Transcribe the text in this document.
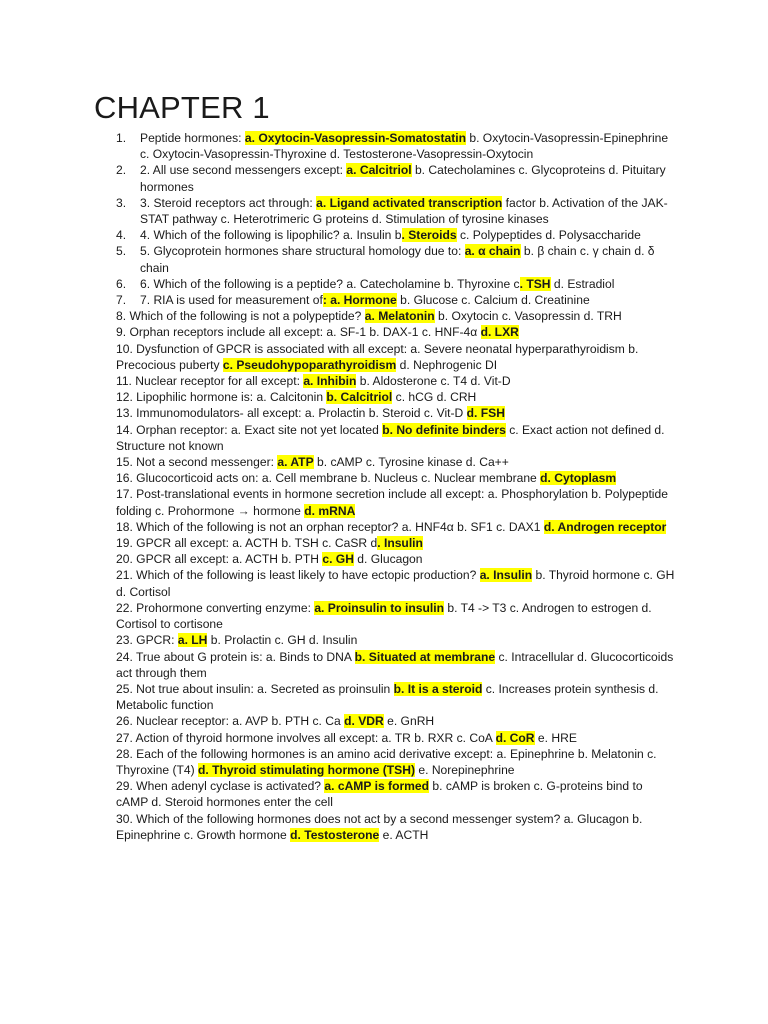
CHAPTER 1

1.	Peptide hormones: a. Oxytocin-Vasopressin-Somatostatin b. Oxytocin-Vasopressin-Epinephrine c. Oxytocin-Vasopressin-Thyroxine d. Testosterone-Vasopressin-Oxytocin

2.	2. All use second messengers except: a. Calcitriol b. Catecholamines c. Glycoproteins d. Pituitary hormones

3.	3. Steroid receptors act through: a. Ligand activated transcription factor b. Activation of the JAK-STAT pathway c. Heterotrimeric G proteins d. Stimulation of tyrosine kinases

4.	4. Which of the following is lipophilic? a. Insulin b. Steroids c. Polypeptides d. Polysaccharide

5.	5. Glycoprotein hormones share structural homology due to: a. α chain b. β chain c. γ chain d. δ chain

6.	6. Which of the following is a peptide? a. Catecholamine b. Thyroxine c. TSH d. Estradiol

7.	7. RIA is used for measurement of: a. Hormone b. Glucose c. Calcium d. Creatinine

8. Which of the following is not a polypeptide? a. Melatonin b. Oxytocin c. Vasopressin d. TRH

9. Orphan receptors include all except: a. SF-1 b. DAX-1 c. HNF-4α d. LXR

10. Dysfunction of GPCR is associated with all except: a. Severe neonatal hyperparathyroidism b. Precocious puberty c. Pseudohypoparathyroidism d. Nephrogenic DI

11. Nuclear receptor for all except: a. Inhibin b. Aldosterone c. T4 d. Vit-D

12. Lipophilic hormone is: a. Calcitonin b. Calcitriol c. hCG d. CRH

13. Immunomodulators- all except: a. Prolactin b. Steroid c. Vit-D d. FSH

14. Orphan receptor: a. Exact site not yet located b. No definite binders c. Exact action not defined d. Structure not known

15. Not a second messenger: a. ATP b. cAMP c. Tyrosine kinase d. Ca++

16. Glucocorticoid acts on: a. Cell membrane b. Nucleus c. Nuclear membrane d. Cytoplasm

17. Post-translational events in hormone secretion include all except: a. Phosphorylation b. Polypeptide folding c. Prohormone → hormone d. mRNA

18. Which of the following is not an orphan receptor? a. HNF4α b. SF1 c. DAX1 d. Androgen receptor

19. GPCR all except: a. ACTH b. TSH c. CaSR d. Insulin

20. GPCR all except: a. ACTH b. PTH c. GH d. Glucagon

21. Which of the following is least likely to have ectopic production? a. Insulin b. Thyroid hormone c. GH d. Cortisol

22. Prohormone converting enzyme: a. Proinsulin to insulin b. T4 -> T3 c. Androgen to estrogen d. Cortisol to cortisone

23. GPCR: a. LH b. Prolactin c. GH d. Insulin

24. True about G protein is: a. Binds to DNA b. Situated at membrane c. Intracellular d. Glucocorticoids act through them

25. Not true about insulin: a. Secreted as proinsulin b. It is a steroid c. Increases protein synthesis d. Metabolic function

26. Nuclear receptor: a. AVP b. PTH c. Ca d. VDR e. GnRH

27. Action of thyroid hormone involves all except: a. TR b. RXR c. CoA d. CoR e. HRE

28. Each of the following hormones is an amino acid derivative except: a. Epinephrine b. Melatonin c. Thyroxine (T4) d. Thyroid stimulating hormone (TSH) e. Norepinephrine

29. When adenyl cyclase is activated? a. cAMP is formed b. cAMP is broken c. G-proteins bind to cAMP d. Steroid hormones enter the cell

30. Which of the following hormones does not act by a second messenger system? a. Glucagon b. Epinephrine c. Growth hormone d. Testosterone e. ACTH
